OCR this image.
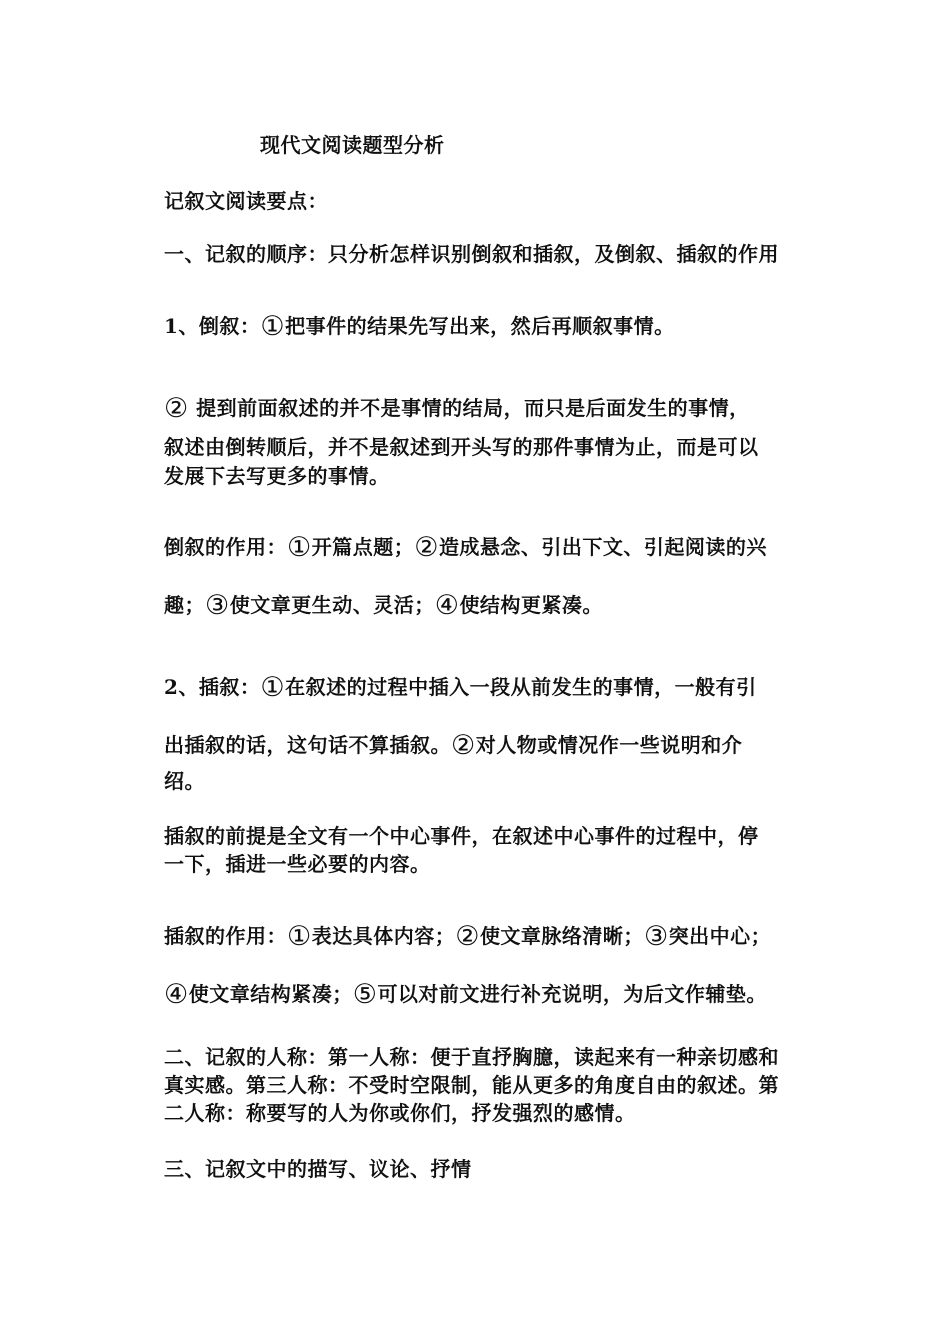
现代文阅读题型分析
记叙文阅读要点：
一、记叙的顺序：只分析怎样识别倒叙和插叙，及倒叙、插叙的作用
1、倒叙：①把事件的结果先写出来，然后再顺叙事情。
② 提到前面叙述的并不是事情的结局，而只是后面发生的事情，
叙述由倒转顺后，并不是叙述到开头写的那件事情为止，而是可以
发展下去写更多的事情。
倒叙的作用：①开篇点题；②造成悬念、引出下文、引起阅读的兴
趣；③使文章更生动、灵活；④使结构更紧凑。
2、插叙：①在叙述的过程中插入一段从前发生的事情，一般有引
出插叙的话，这句话不算插叙。②对人物或情况作一些说明和介
绍。
插叙的前提是全文有一个中心事件，在叙述中心事件的过程中，停
一下，插进一些必要的内容。
插叙的作用：①表达具体内容；②使文章脉络清晰；③突出中心；
④使文章结构紧凑；⑤可以对前文进行补充说明，为后文作辅垫。
二、记叙的人称：第一人称：便于直抒胸臆，读起来有一种亲切感和
真实感。第三人称：不受时空限制，能从更多的角度自由的叙述。第
二人称：称要写的人为你或你们，抒发强烈的感情。
三、记叙文中的描写、议论、抒情
